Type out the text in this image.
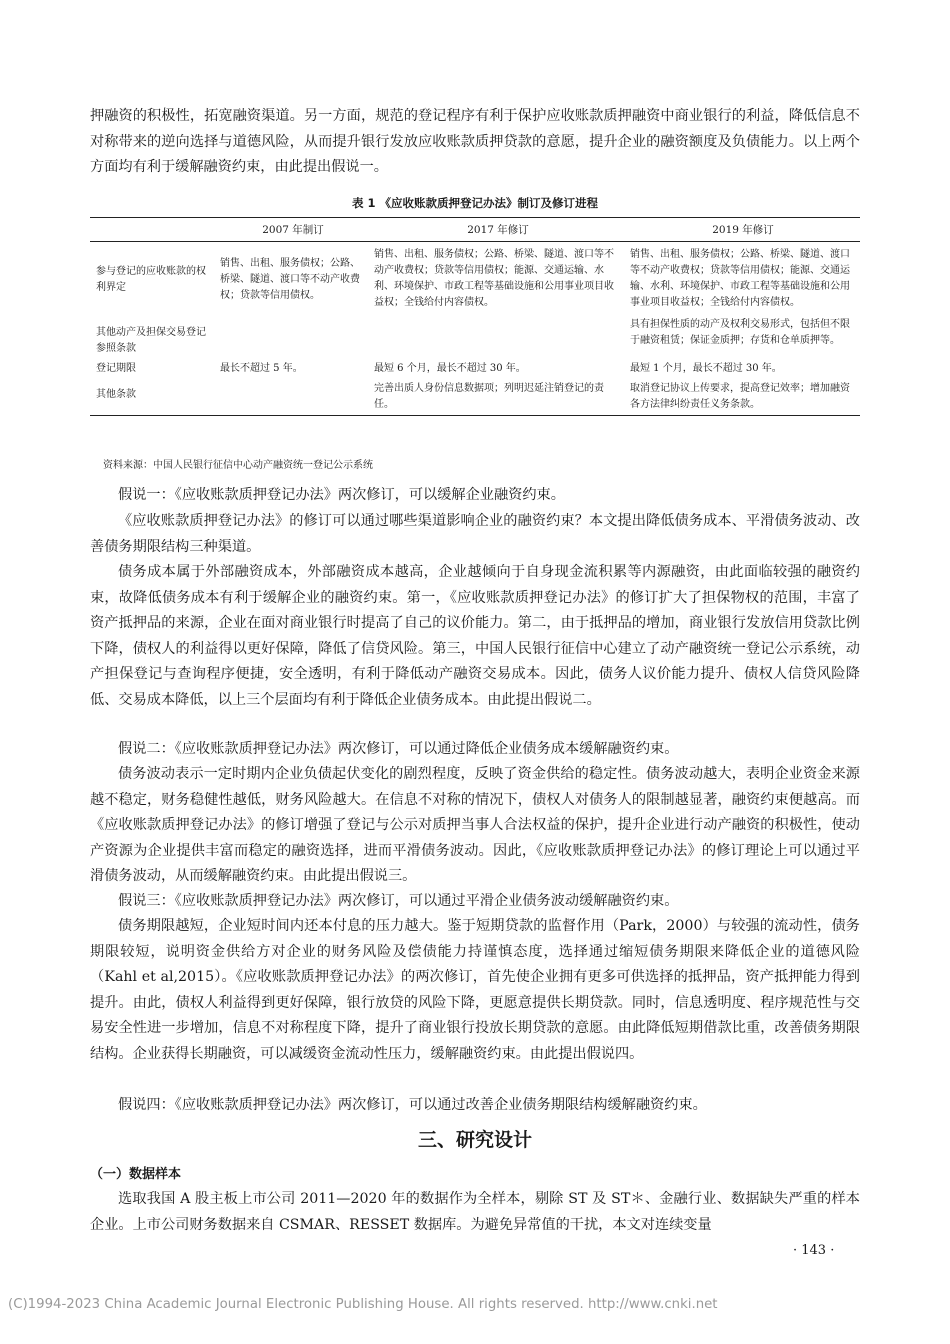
押融资的积极性，拓宽融资渠道。另一方面，规范的登记程序有利于保护应收账款质押融资中商业银行的利益，降低信息不对称带来的逆向选择与道德风险，从而提升银行发放应收账款质押贷款的意愿，提升企业的融资额度及负债能力。以上两个方面均有利于缓解融资约束，由此提出假说一。

表 1 《应收账款质押登记办法》制订及修订进程
	2007 年制订	2017 年修订	2019 年修订
参与登记的应收账款的权利界定	销售、出租、服务债权；公路、桥梁、隧道、渡口等不动产收费权；贷款等信用债权。	销售、出租、服务债权；公路、桥梁、隧道、渡口等不动产收费权；贷款等信用债权；能源、交通运输、水利、环境保护、市政工程等基础设施和公用事业项目收益权；全钱给付内容债权。	销售、出租、服务债权；公路、桥梁、隧道、渡口等不动产收费权；贷款等信用债权；能源、交通运输、水利、环境保护、市政工程等基础设施和公用事业项目收益权；全钱给付内容债权。
其他动产及担保交易登记参照条款			具有担保性质的动产及权利交易形式，包括但不限于融资租赁；保证金质押；存货和仓单质押等。
登记期限	最长不超过 5 年。	最短 6 个月，最长不超过 30 年。	最短 1 个月，最长不超过 30 年。
其他条款		完善出质人身份信息数据项；列明迟延注销登记的责任。	取消登记协议上传要求，提高登记效率；增加融资各方法律纠纷责任义务条款。
资料来源：中国人民银行征信中心动产融资统一登记公示系统

假说一：《应收账款质押登记办法》两次修订，可以缓解企业融资约束。

《应收账款质押登记办法》的修订可以通过哪些渠道影响企业的融资约束？本文提出降低债务成本、平滑债务波动、改善债务期限结构三种渠道。

债务成本属于外部融资成本，外部融资成本越高，企业越倾向于自身现金流积累等内源融资，由此面临较强的融资约束，故降低债务成本有利于缓解企业的融资约束。第一，《应收账款质押登记办法》的修订扩大了担保物权的范围，丰富了资产抵押品的来源，企业在面对商业银行时提高了自己的议价能力。第二，由于抵押品的增加，商业银行发放信用贷款比例下降，债权人的利益得以更好保障，降低了信贷风险。第三，中国人民银行征信中心建立了动产融资统一登记公示系统，动产担保登记与查询程序便捷，安全透明，有利于降低动产融资交易成本。因此，债务人议价能力提升、债权人信贷风险降低、交易成本降低，以上三个层面均有利于降低企业债务成本。由此提出假说二。

假说二：《应收账款质押登记办法》两次修订，可以通过降低企业债务成本缓解融资约束。

债务波动表示一定时期内企业负债起伏变化的剧烈程度，反映了资金供给的稳定性。债务波动越大，表明企业资金来源越不稳定，财务稳健性越低，财务风险越大。在信息不对称的情况下，债权人对债务人的限制越显著，融资约束便越高。而《应收账款质押登记办法》的修订增强了登记与公示对质押当事人合法权益的保护，提升企业进行动产融资的积极性，使动产资源为企业提供丰富而稳定的融资选择，进而平滑债务波动。因此，《应收账款质押登记办法》的修订理论上可以通过平滑债务波动，从而缓解融资约束。由此提出假说三。

假说三：《应收账款质押登记办法》两次修订，可以通过平滑企业债务波动缓解融资约束。

债务期限越短，企业短时间内还本付息的压力越大。鉴于短期贷款的监督作用（Park，2000）与较强的流动性，债务期限较短，说明资金供给方对企业的财务风险及偿债能力持谨慎态度，选择通过缩短债务期限来降低企业的道德风险（Kahl et al,2015）。《应收账款质押登记办法》的两次修订，首先使企业拥有更多可供选择的抵押品，资产抵押能力得到提升。由此，债权人利益得到更好保障，银行放贷的风险下降，更愿意提供长期贷款。同时，信息透明度、程序规范性与交易安全性进一步增加，信息不对称程度下降，提升了商业银行投放长期贷款的意愿。由此降低短期借款比重，改善债务期限结构。企业获得长期融资，可以减缓资金流动性压力，缓解融资约束。由此提出假说四。

假说四：《应收账款质押登记办法》两次修订，可以通过改善企业债务期限结构缓解融资约束。

三、研究设计
（一）数据样本

选取我国 A 股主板上市公司 2011—2020 年的数据作为全样本，剔除 ST 及 ST＊、金融行业、数据缺失严重的样本企业。上市公司财务数据来自 CSMAR、RESSET 数据库。为避免异常值的干扰，本文对连续变量

· 143 ·
(C)1994-2023 China Academic Journal Electronic Publishing House. All rights reserved. http://www.cnki.net
